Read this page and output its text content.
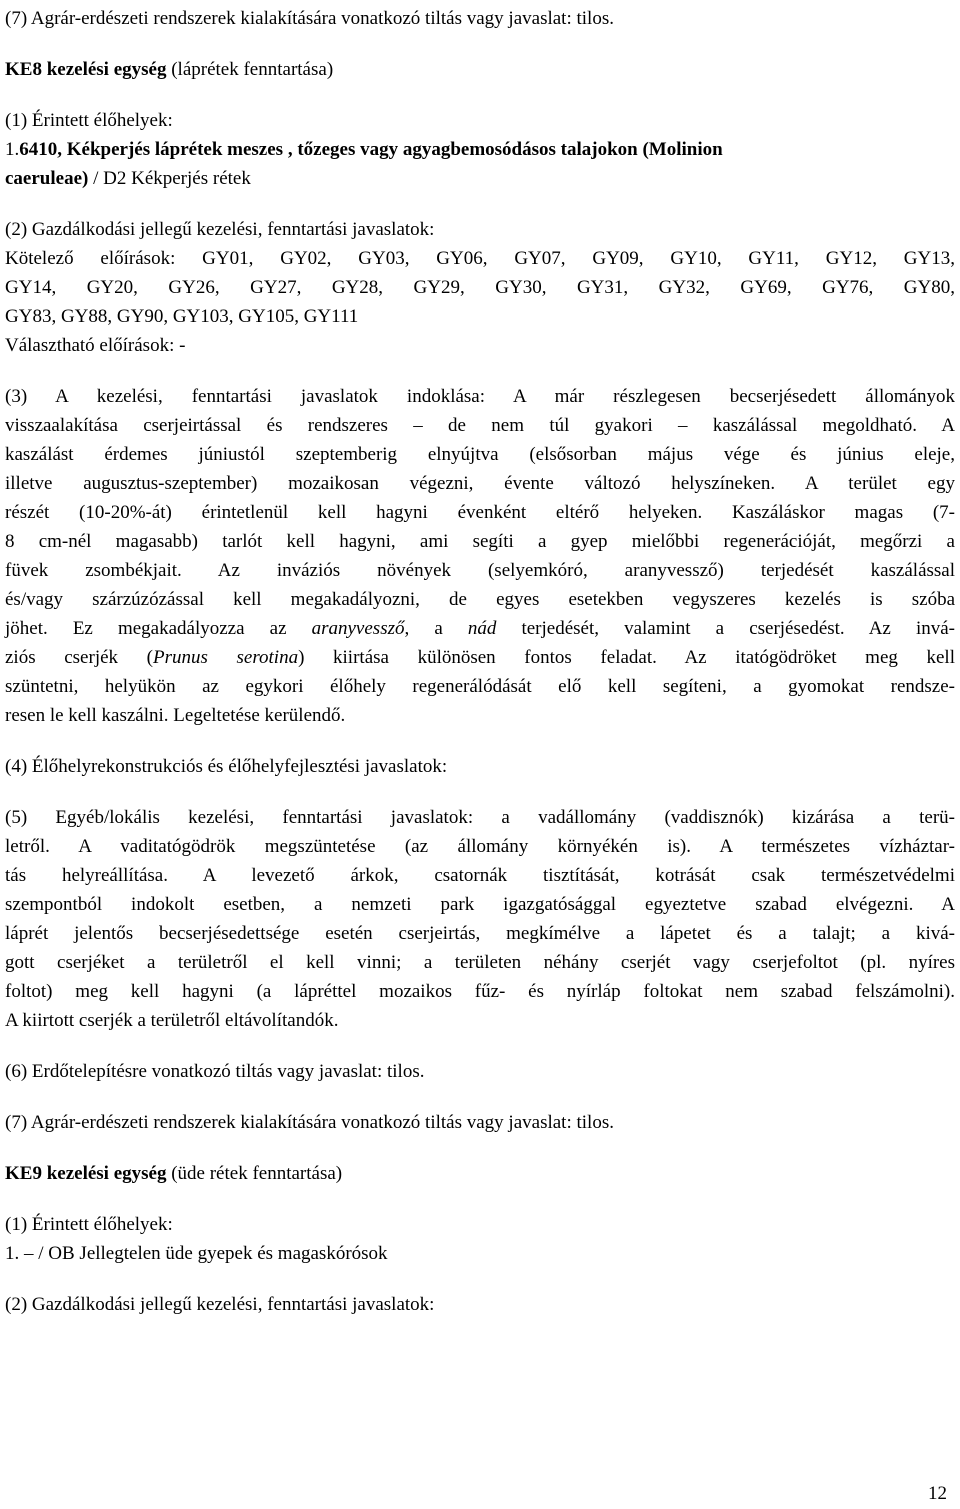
(7) Agrár-erdészeti rendszerek kialakítására vonatkozó tiltás vagy javaslat: tilos.
KE8 kezelési egység (láprétek fenntartása)
(1) Érintett élőhelyek:
1.6410, Kékperjés láprétek meszes , tőzeges vagy agyagbemosódásos talajokon (Molinion
caeruleae) / D2 Kékperjés rétek
(2) Gazdálkodási jellegű kezelési, fenntartási javaslatok:
Kötelező előírások: GY01, GY02, GY03, GY06, GY07, GY09, GY10, GY11, GY12, GY13,
GY14, GY20, GY26, GY27, GY28, GY29, GY30, GY31, GY32, GY69, GY76, GY80,
GY83, GY88, GY90, GY103, GY105, GY111
Választható előírások: -
(3) A kezelési, fenntartási javaslatok indoklása: A már részlegesen becserjésedett állományok
visszaalakítása cserjeirtással és rendszeres – de nem túl gyakori – kaszálással megoldható. A
kaszálást érdemes júniustól szeptemberig elnyújtva (elsősorban május vége és június eleje,
illetve augusztus-szeptember) mozaikosan végezni, évente változó helyszíneken. A terület egy
részét (10-20%-át) érintetlenül kell hagyni évenként eltérő helyeken. Kaszáláskor magas (7-
8 cm-nél magasabb) tarlót kell hagyni, ami segíti a gyep mielőbbi regenerációját, megőrzi a
füvek zsombékjait. Az inváziós növények (selyemkóró, aranyvessző) terjedését kaszálással
és/vagy szárzúzózással kell megakadályozni, de egyes esetekben vegyszeres kezelés is szóba
jöhet. Ez megakadályozza az aranyvessző, a nád terjedését, valamint a cserjésedést. Az invá-
ziós cserjék (Prunus serotina) kiirtása különösen fontos feladat. Az itatógödröket meg kell
szüntetni, helyükön az egykori élőhely regenerálódását elő kell segíteni, a gyomokat rendsze-
resen le kell kaszálni. Legeltetése kerülendő.
(4) Élőhelyrekonstrukciós és élőhelyfejlesztési javaslatok:
(5) Egyéb/lokális kezelési, fenntartási javaslatok: a vadállomány (vaddisznók) kizárása a terü-
letről. A vaditatógödrök megszüntetése (az állomány környékén is). A természetes vízháztar-
tás helyreállítása. A levezető árkok, csatornák tisztítását, kotrását csak természetvédelmi
szempontból indokolt esetben, a nemzeti park igazgatósággal egyeztetve szabad elvégezni. A
láprét jelentős becserjésedettsége esetén cserjeirtás, megkímélve a lápetet és a talajt; a kivá-
gott cserjéket a területről el kell vinni; a területen néhány cserjét vagy cserjefoltot (pl. nyíres
foltot) meg kell hagyni (a lápréttel mozaikos fűz- és nyírláp foltokat nem szabad felszámolni).
A kiirtott cserjék a területről eltávolítandók.
(6) Erdőtelepítésre vonatkozó tiltás vagy javaslat: tilos.
(7) Agrár-erdészeti rendszerek kialakítására vonatkozó tiltás vagy javaslat: tilos.
KE9 kezelési egység (üde rétek fenntartása)
(1) Érintett élőhelyek:
1. – / OB Jellegtelen üde gyepek és magaskórósok
(2) Gazdálkodási jellegű kezelési, fenntartási javaslatok:
12
